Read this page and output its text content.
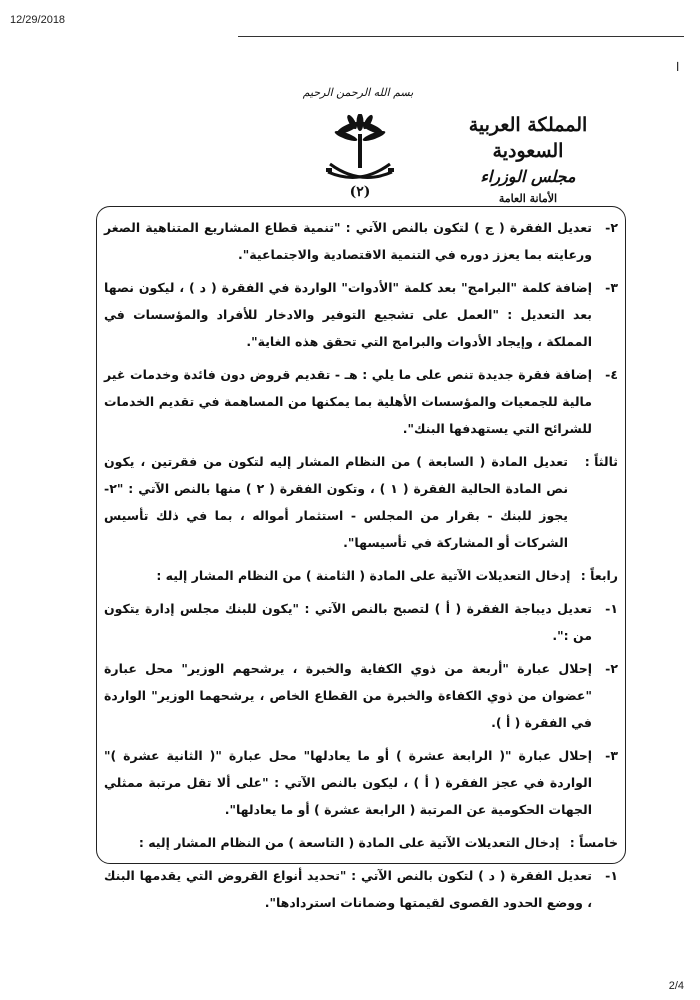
12/29/2018
ا
بسم الله الرحمن الرحيم
(٢)
المملكة العربية السعودية
مجلس الوزراء
الأمانة العامة
٢-
تعديل الفقرة ( ج ) لتكون بالنص الآتي : "تنمية قطاع المشاريع المتناهية الصغر ورعايته بما يعزز دوره في التنمية الاقتصادية والاجتماعية".
٣-
إضافة كلمة "البرامج" بعد كلمة "الأدوات" الواردة في الفقرة ( د ) ، ليكون نصها بعد التعديل : "العمل على تشجيع التوفير والادخار للأفراد والمؤسسات في المملكة ، وإيجاد الأدوات والبرامج التي تحقق هذه الغاية".
٤-
إضافة فقرة جديدة تنص على ما يلي : هـ - تقديم قروض دون فائدة وخدمات غير مالية للجمعيات والمؤسسات الأهلية بما يمكنها من المساهمة في تقديم الخدمات للشرائح التي يستهدفها البنك".
ثالثاً :
تعديل المادة ( السابعة ) من النظام المشار إليه لتكون من فقرتين ، يكون نص المادة الحالية الفقرة ( ١ ) ، وتكون الفقرة ( ٢ ) منها بالنص الآتي : "٢- يجوز للبنك - بقرار من المجلس - استثمار أمواله ، بما في ذلك تأسيس الشركات أو المشاركة في تأسيسها".
رابعاً : إدخال التعديلات الآتية على المادة ( الثامنة ) من النظام المشار إليه :
١-
تعديل ديباجة الفقرة ( أ ) لتصبح بالنص الآتي : "يكون للبنك مجلس إدارة يتكون من :".
٢-
إحلال عبارة "أربعة من ذوي الكفاية والخبرة ، يرشحهم الوزير" محل عبارة "عضوان من ذوي الكفاءة والخبرة من القطاع الخاص ، يرشحهما الوزير" الواردة في الفقرة ( أ ).
٣-
إحلال عبارة "( الرابعة عشرة ) أو ما يعادلها" محل عبارة "( الثانية عشرة )" الواردة في عجز الفقرة ( أ ) ، ليكون بالنص الآتي : "على ألا تقل مرتبة ممثلي الجهات الحكومية عن المرتبة ( الرابعة عشرة ) أو ما يعادلها".
خامساً : إدخال التعديلات الآتية على المادة ( التاسعة ) من النظام المشار إليه :
١-
تعديل الفقرة ( د ) لتكون بالنص الآتي : "تحديد أنواع القروض التي يقدمها البنك ، ووضع الحدود القصوى لقيمتها وضمانات استردادها".
2/4
